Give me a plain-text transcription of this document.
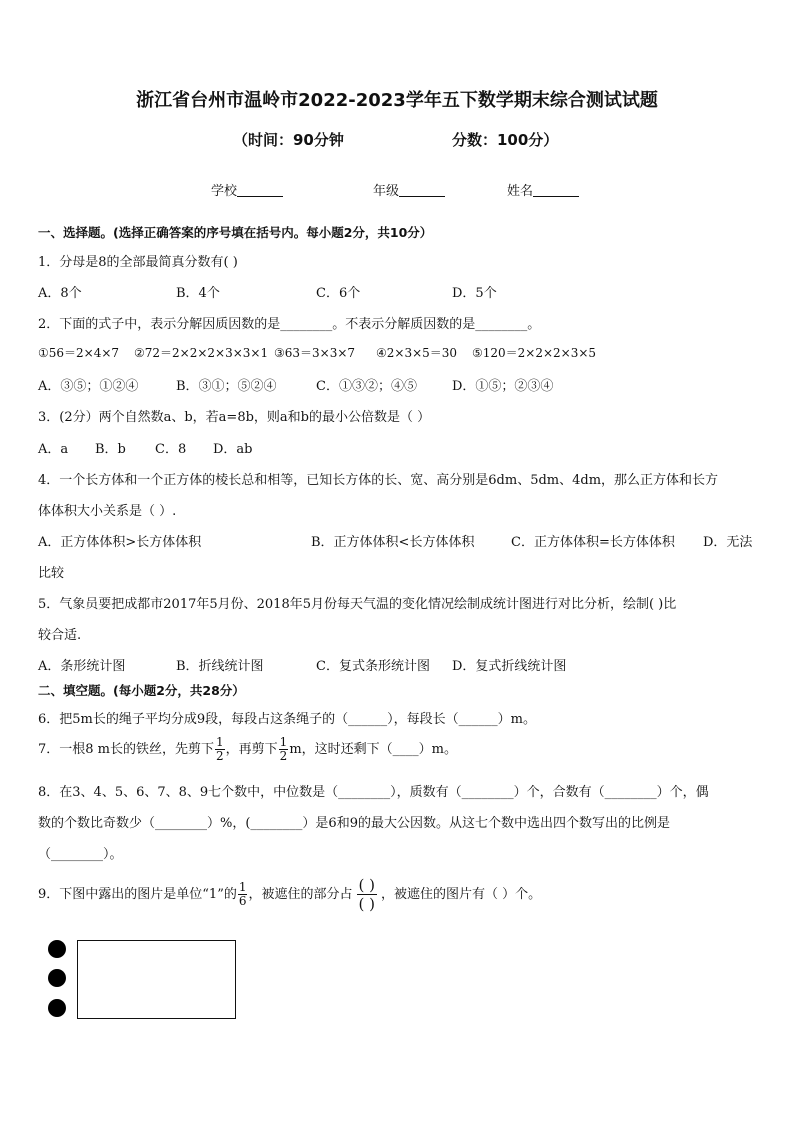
浙江省台州市温岭市2022-2023学年五下数学期末综合测试试题
（时间：90分钟	分数：100分）
学校	年级	姓名
一、选择题。(选择正确答案的序号填在括号内。每小题2分，共10分）
1．分母是8的全部最简真分数有( )
A．8个	B．4个	C．6个	D．5个
2．下面的式子中，表示分解因质因数的是________。不表示分解质因数的是________。
①56＝2×4×7 ②72＝2×2×2×3×3×1 ③63＝3×3×7 ④2×3×5＝30 ⑤120＝2×2×2×3×5
A．③⑤；①②④	B．③①；⑤②④	C．①③②；④⑤	D．①⑤；②③④
3．(2分）两个自然数a、b，若a=8b，则a和b的最小公倍数是（ ）
A．a B．b C．8 D．ab
4．一个长方体和一个正方体的棱长总和相等，已知长方体的长、宽、高分别是6dm、5dm、4dm，那么正方体和长方
体体积大小关系是（ ）.
A．正方体体积>长方体体积	B．正方体体积<长方体体积	C．正方体体积=长方体体积 D．无法
比较
5．气象员要把成都市2017年5月份、2018年5月份每天气温的变化情况绘制成统计图进行对比分析，绘制( )比
较合适.
A．条形统计图	B．折线统计图	C．复式条形统计图 D．复式折线统计图
二、填空题。(每小题2分，共28分）
6．把5m长的绳子平均分成9段，每段占这条绳子的（______），每段长（______）m。
7．一根8 m长的铁丝，先剪下 $\frac{1}{2}$ ，再剪下 $\frac{1}{2}$ m，这时还剩下（____）m。
8．在3、4、5、6、7、8、9七个数中，中位数是（________），质数有（________）个，合数有（________）个，偶
数的个数比奇数少（________）%，(________）是6和9的最大公因数。从这七个数中选出四个数写出的比例是
（________）。
9．下图中露出的图片是单位“1”的 $\frac{1}{6}$ ，被遮住的部分占
( )
( )
，被遮住的图片有（ ）个。
